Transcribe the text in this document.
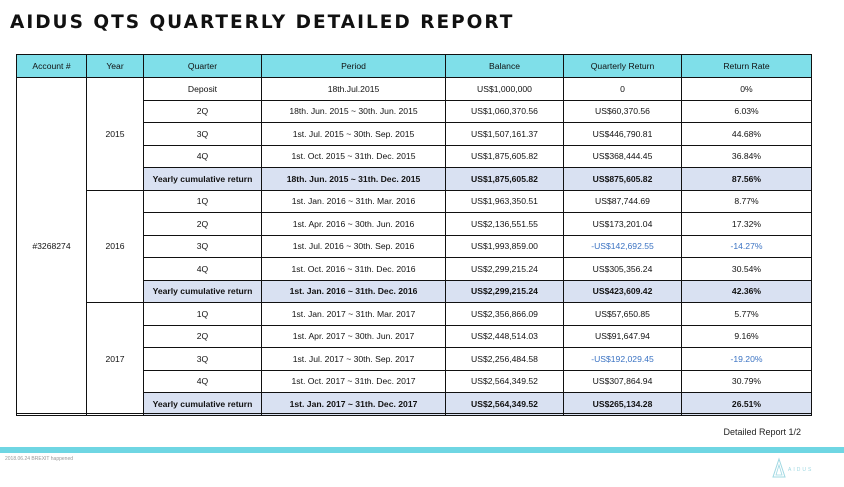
AIDUS QTS QUARTERLY DETAILED REPORT
Account #	Year	Quarter	Period	Balance	Quarterly Return	Return Rate
#3268274	2015	Deposit	18th.Jul.2015	US$1,000,000	0	0%
		2Q	18th. Jun. 2015 ~ 30th. Jun. 2015	US$1,060,370.56	US$60,370.56	6.03%
		3Q	1st. Jul. 2015 ~ 30th. Sep. 2015	US$1,507,161.37	US$446,790.81	44.68%
		4Q	1st. Oct. 2015 ~ 31th. Dec. 2015	US$1,875,605.82	US$368,444.45	36.84%
		Yearly cumulative return	18th. Jun. 2015 ~ 31th. Dec. 2015	US$1,875,605.82	US$875,605.82	87.56%
	2016	1Q	1st. Jan. 2016 ~ 31th. Mar. 2016	US$1,963,350.51	US$87,744.69	8.77%
		2Q	1st. Apr. 2016 ~ 30th. Jun. 2016	US$2,136,551.55	US$173,201.04	17.32%
		3Q	1st. Jul. 2016 ~ 30th. Sep. 2016	US$1,993,859.00	-US$142,692.55	-14.27%
		4Q	1st. Oct. 2016 ~ 31th. Dec. 2016	US$2,299,215.24	US$305,356.24	30.54%
		Yearly cumulative return	1st. Jan. 2016 ~ 31th. Dec. 2016	US$2,299,215.24	US$423,609.42	42.36%
	2017	1Q	1st. Jan. 2017 ~ 31th. Mar. 2017	US$2,356,866.09	US$57,650.85	5.77%
		2Q	1st. Apr. 2017 ~ 30th. Jun. 2017	US$2,448,514.03	US$91,647.94	9.16%
		3Q	1st. Jul. 2017 ~ 30th. Sep. 2017	US$2,256,484.58	-US$192,029.45	-19.20%
		4Q	1st. Oct. 2017 ~ 31th. Dec. 2017	US$2,564,349.52	US$307,864.94	30.79%
		Yearly cumulative return	1st. Jan. 2017 ~ 31th. Dec. 2017	US$2,564,349.52	US$265,134.28	26.51%
Detailed Report 1/2
2018.06.24 BREXIT happened
AIDUS
